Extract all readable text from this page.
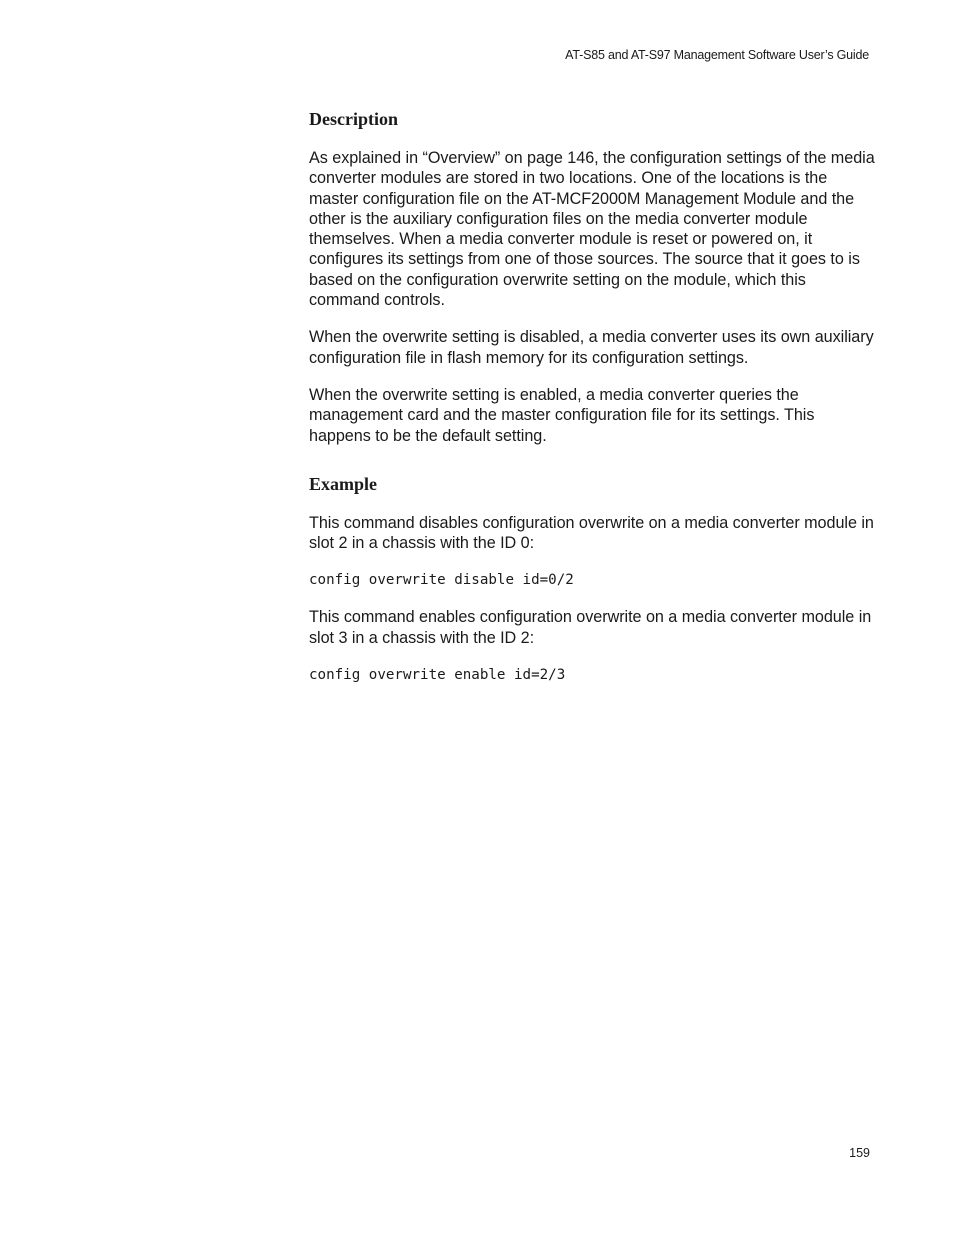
AT-S85 and AT-S97 Management Software User’s Guide
Description

As explained in “Overview” on page 146, the configuration settings of the media converter modules are stored in two locations. One of the locations is the master configuration file on the AT-MCF2000M Management Module and the other is the auxiliary configuration files on the media converter module themselves. When a media converter module is reset or powered on, it configures its settings from one of those sources. The source that it goes to is based on the configuration overwrite setting on the module, which this command controls.

When the overwrite setting is disabled, a media converter uses its own auxiliary configuration file in flash memory for its configuration settings.

When the overwrite setting is enabled, a media converter queries the management card and the master configuration file for its settings. This happens to be the default setting.

Example

This command disables configuration overwrite on a media converter module in slot 2 in a chassis with the ID 0:

config overwrite disable id=0/2

This command enables configuration overwrite on a media converter module in slot 3 in a chassis with the ID 2:

config overwrite enable id=2/3
159
